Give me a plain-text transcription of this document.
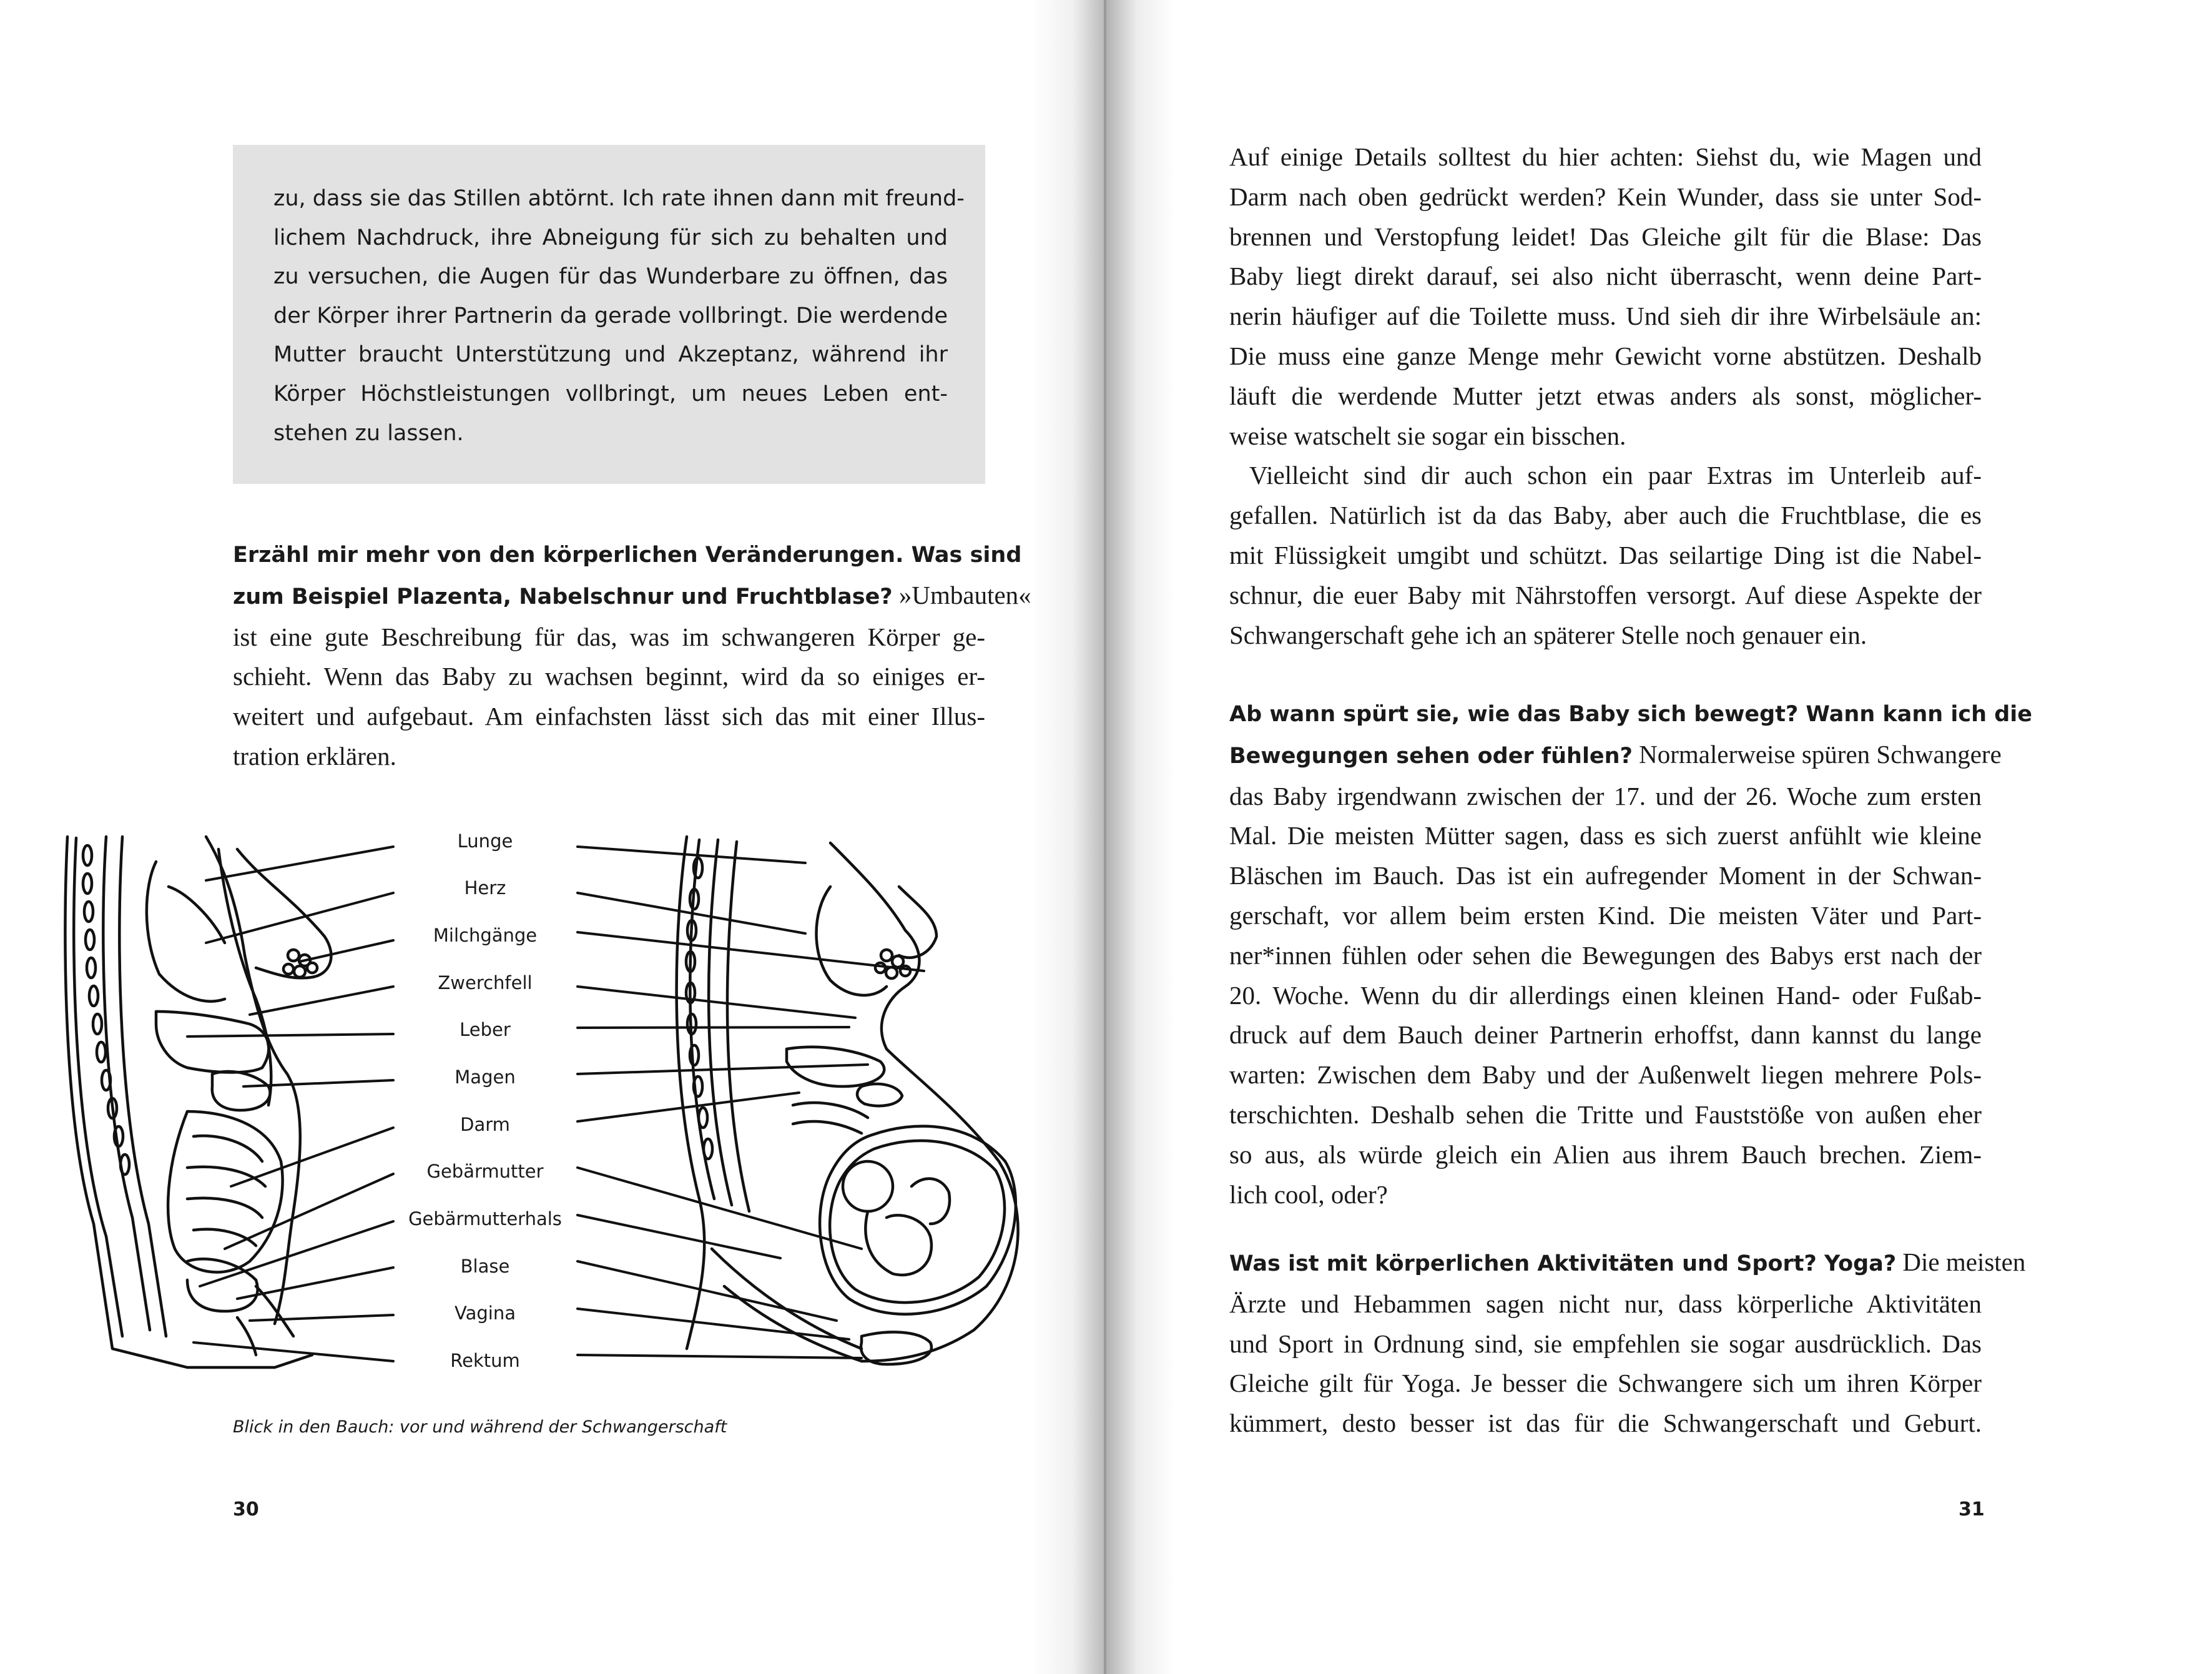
zu, dass sie das Stillen abtörnt. Ich rate ihnen dann mit freund-
lichem Nachdruck, ihre Abneigung für sich zu behalten und
zu versuchen, die Augen für das Wunderbare zu öffnen, das
der Körper ihrer Partnerin da gerade vollbringt. Die werdende
Mutter braucht Unterstützung und Akzeptanz, während ihr
Körper Höchstleistungen vollbringt, um neues Leben ent-
stehen zu lassen.
Erzähl mir mehr von den körperlichen Veränderungen. Was sind
zum Beispiel Plazenta, Nabelschnur und Fruchtblase? »Umbauten«
ist eine gute Beschreibung für das, was im schwangeren Körper ge-
schieht. Wenn das Baby zu wachsen beginnt, wird da so einiges er-
weitert und aufgebaut. Am einfachsten lässt sich das mit einer Illus-
tration erklären.
Lunge
Herz
Milchgänge
Zwerchfell
Leber
Magen
Darm
Gebärmutter
Gebärmutterhals
Blase
Vagina
Rektum
Blick in den Bauch: vor und während der Schwangerschaft
30
Auf einige Details solltest du hier achten: Siehst du, wie Magen und
Darm nach oben gedrückt werden? Kein Wunder, dass sie unter Sod-
brennen und Verstopfung leidet! Das Gleiche gilt für die Blase: Das
Baby liegt direkt darauf, sei also nicht überrascht, wenn deine Part-
nerin häufiger auf die Toilette muss. Und sieh dir ihre Wirbelsäule an:
Die muss eine ganze Menge mehr Gewicht vorne abstützen. Deshalb
läuft die werdende Mutter jetzt etwas anders als sonst, möglicher-
weise watschelt sie sogar ein bisschen.
Vielleicht sind dir auch schon ein paar Extras im Unterleib auf-
gefallen. Natürlich ist da das Baby, aber auch die Fruchtblase, die es
mit Flüssigkeit umgibt und schützt. Das seilartige Ding ist die Nabel-
schnur, die euer Baby mit Nährstoffen versorgt. Auf diese Aspekte der
Schwangerschaft gehe ich an späterer Stelle noch genauer ein.
Ab wann spürt sie, wie das Baby sich bewegt? Wann kann ich die
Bewegungen sehen oder fühlen? Normalerweise spüren Schwangere
das Baby irgendwann zwischen der 17. und der 26. Woche zum ersten
Mal. Die meisten Mütter sagen, dass es sich zuerst anfühlt wie kleine
Bläschen im Bauch. Das ist ein aufregender Moment in der Schwan-
gerschaft, vor allem beim ersten Kind. Die meisten Väter und Part-
ner*innen fühlen oder sehen die Bewegungen des Babys erst nach der
20. Woche. Wenn du dir allerdings einen kleinen Hand- oder Fußab-
druck auf dem Bauch deiner Partnerin erhoffst, dann kannst du lange
warten: Zwischen dem Baby und der Außenwelt liegen mehrere Pols-
terschichten. Deshalb sehen die Tritte und Fauststöße von außen eher
so aus, als würde gleich ein Alien aus ihrem Bauch brechen. Ziem-
lich cool, oder?
Was ist mit körperlichen Aktivitäten und Sport? Yoga? Die meisten
Ärzte und Hebammen sagen nicht nur, dass körperliche Aktivitäten
und Sport in Ordnung sind, sie empfehlen sie sogar ausdrücklich. Das
Gleiche gilt für Yoga. Je besser die Schwangere sich um ihren Körper
kümmert, desto besser ist das für die Schwangerschaft und Geburt.
31
